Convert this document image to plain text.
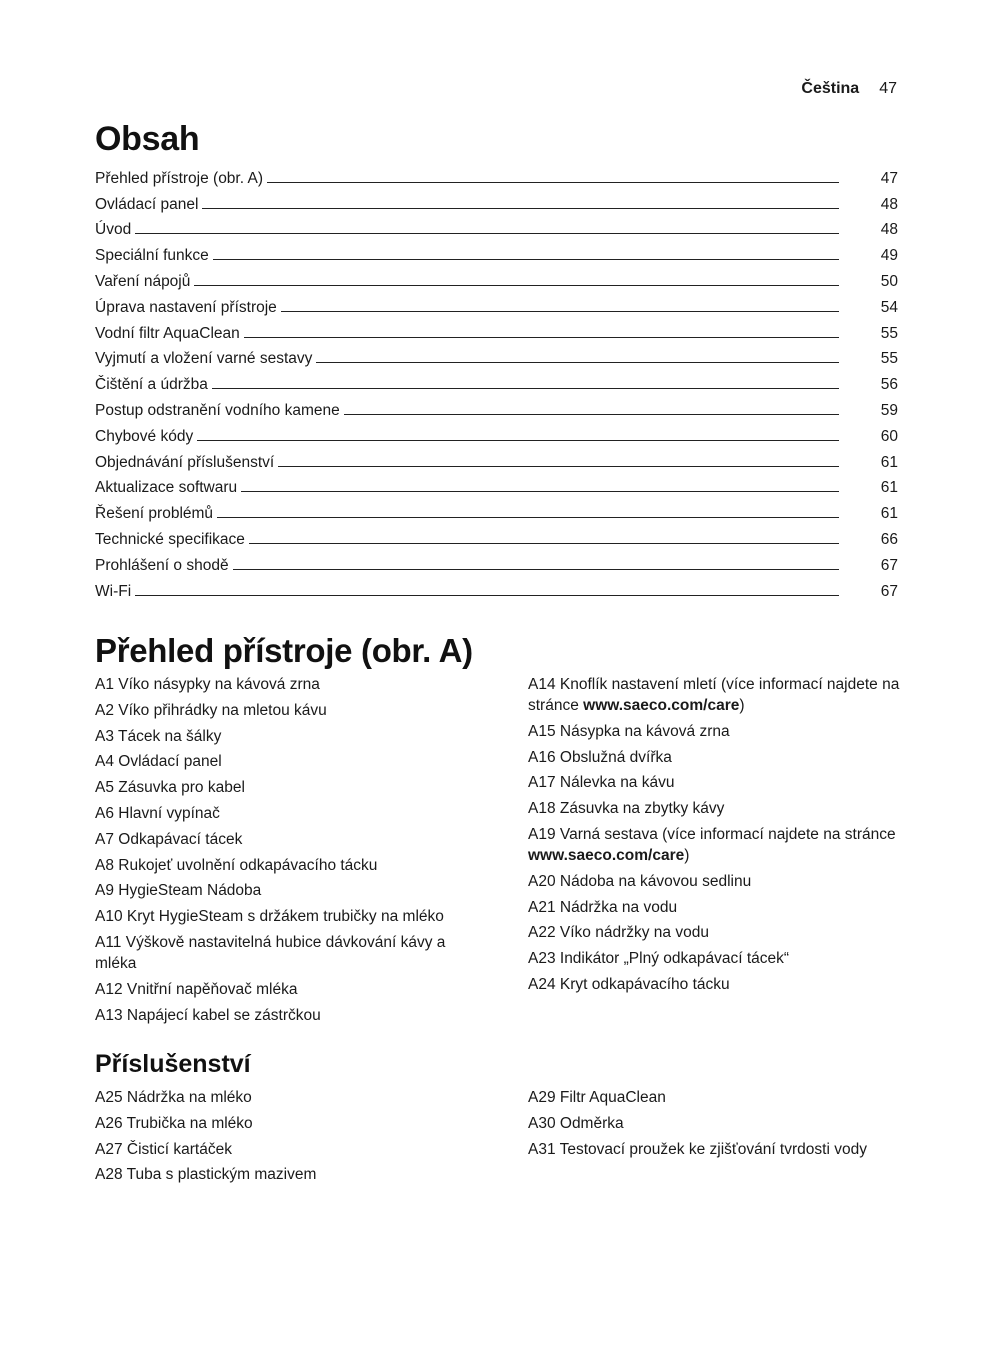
Čeština 47
Obsah
Přehled přístroje (obr. A)	47
Ovládací panel	48
Úvod	48
Speciální funkce	49
Vaření nápojů	50
Úprava nastavení přístroje	54
Vodní filtr AquaClean	55
Vyjmutí a vložení varné sestavy	55
Čištění a údržba	56
Postup odstranění vodního kamene	59
Chybové kódy	60
Objednávání příslušenství	61
Aktualizace softwaru	61
Řešení problémů	61
Technické specifikace	66
Prohlášení o shodě	67
Wi-Fi	67
Přehled přístroje (obr. A)
A1 Víko násypky na kávová zrna
A2 Víko přihrádky na mletou kávu
A3 Tácek na šálky
A4 Ovládací panel
A5 Zásuvka pro kabel
A6 Hlavní vypínač
A7 Odkapávací tácek
A8 Rukojeť uvolnění odkapávacího tácku
A9 HygieSteam Nádoba
A10 Kryt HygieSteam s držákem trubičky na mléko
A11 Výškově nastavitelná hubice dávkování kávy a mléka
A12 Vnitřní napěňovač mléka
A13 Napájecí kabel se zástrčkou
A14 Knoflík nastavení mletí (více informací najdete na stránce www.saeco.com/care)
A15 Násypka na kávová zrna
A16 Obslužná dvířka
A17 Nálevka na kávu
A18 Zásuvka na zbytky kávy
A19 Varná sestava (více informací najdete na stránce www.saeco.com/care)
A20 Nádoba na kávovou sedlinu
A21 Nádržka na vodu
A22 Víko nádržky na vodu
A23 Indikátor „Plný odkapávací tácek“
A24 Kryt odkapávacího tácku
Příslušenství
A25 Nádržka na mléko
A26 Trubička na mléko
A27 Čisticí kartáček
A28 Tuba s plastickým mazivem
A29 Filtr AquaClean
A30 Odměrka
A31 Testovací proužek ke zjišťování tvrdosti vody
